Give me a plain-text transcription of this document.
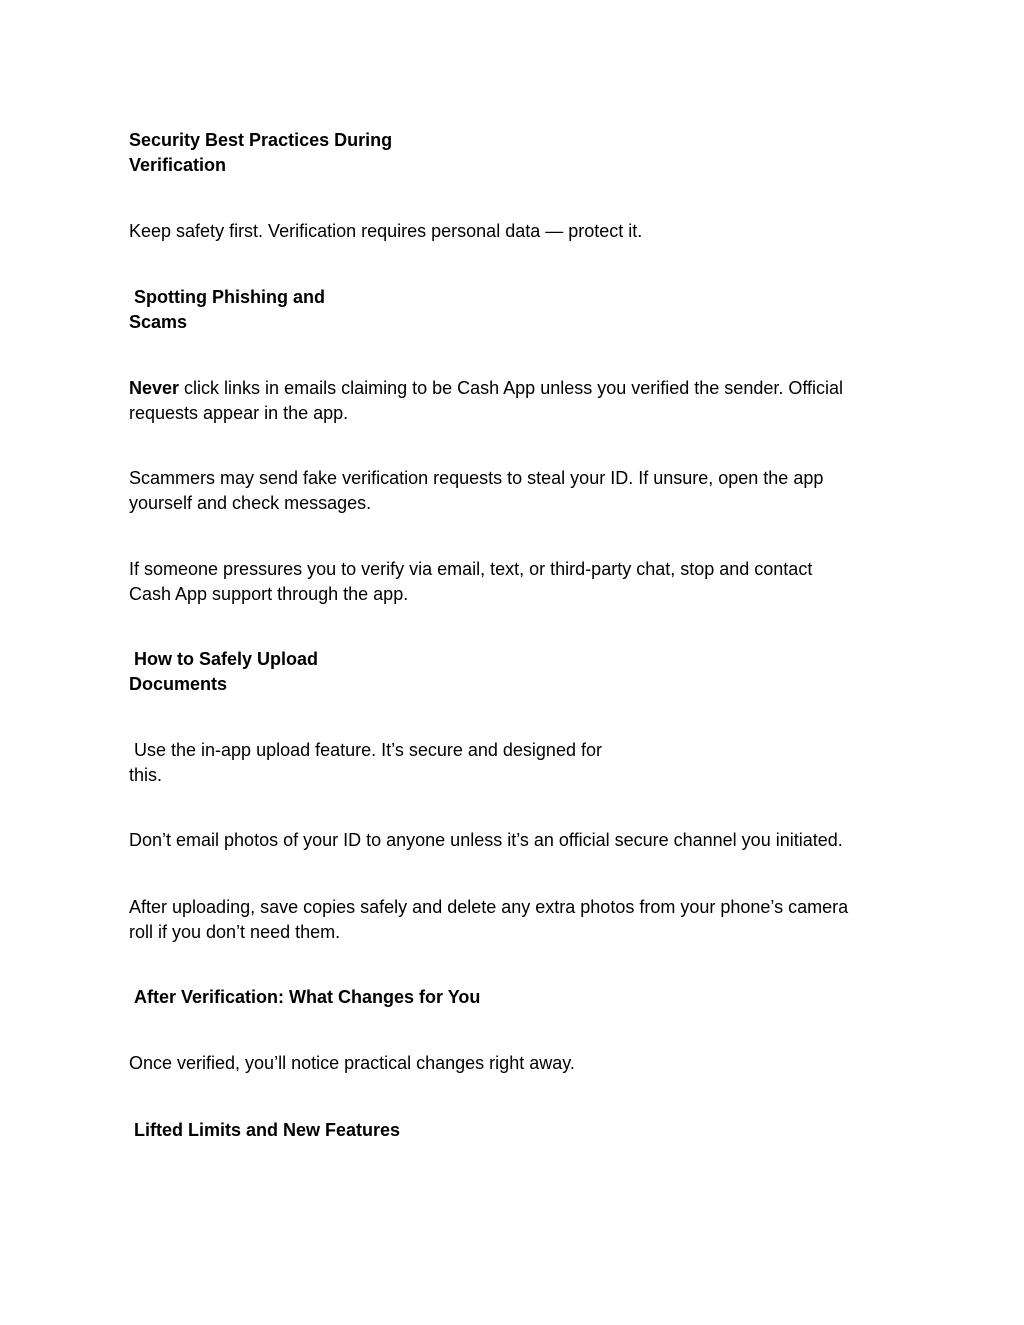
Security Best Practices During
Verification
Keep safety first. Verification requires personal data — protect it.
Spotting Phishing and
Scams
Never click links in emails claiming to be Cash App unless you verified the sender. Official
requests appear in the app.
Scammers may send fake verification requests to steal your ID. If unsure, open the app
yourself and check messages.
If someone pressures you to verify via email, text, or third-party chat, stop and contact
Cash App support through the app.
How to Safely Upload
Documents
Use the in-app upload feature. It’s secure and designed for
this.
Don’t email photos of your ID to anyone unless it’s an official secure channel you initiated.
After uploading, save copies safely and delete any extra photos from your phone’s camera
roll if you don’t need them.
After Verification: What Changes for You
Once verified, you’ll notice practical changes right away.
Lifted Limits and New Features
